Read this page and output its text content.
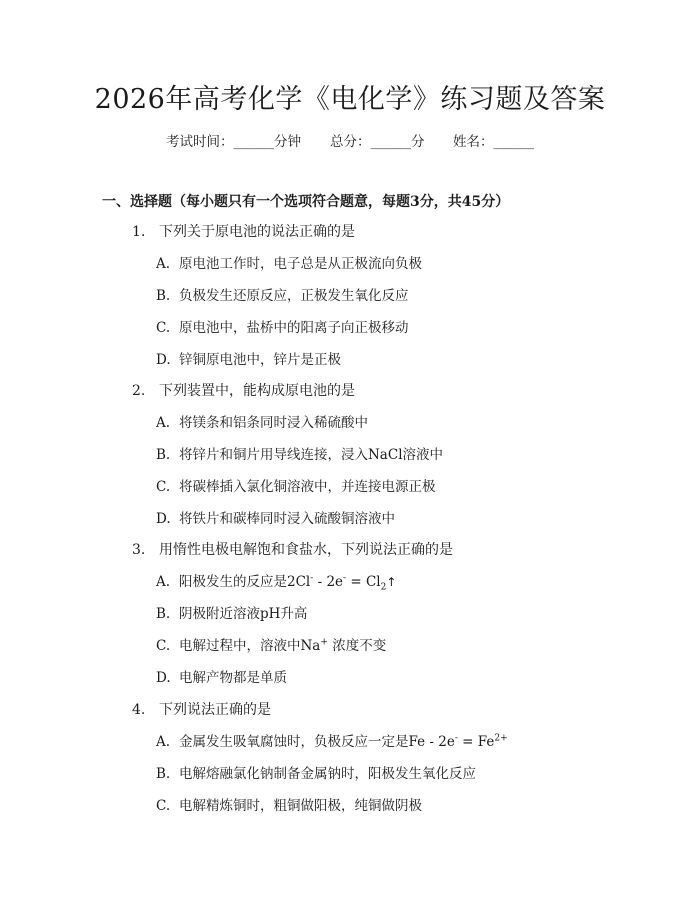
2026年高考化学《电化学》练习题及答案
考试时间：______分钟 总分：______分 姓名：______
一、选择题（每小题只有一个选项符合题意，每题3分，共45分）
1. 下列关于原电池的说法正确的是
A. 原电池工作时，电子总是从正极流向负极
B. 负极发生还原反应，正极发生氧化反应
C. 原电池中，盐桥中的阳离子向正极移动
D. 锌铜原电池中，锌片是正极
2. 下列装置中，能构成原电池的是
A. 将镁条和铝条同时浸入稀硫酸中
B. 将锌片和铜片用导线连接，浸入NaCl溶液中
C. 将碳棒插入氯化铜溶液中，并连接电源正极
D. 将铁片和碳棒同时浸入硫酸铜溶液中
3. 用惰性电极电解饱和食盐水，下列说法正确的是
A. 阳极发生的反应是$2Cl^- - 2e^- = Cl_2↑$
B. 阴极附近溶液pH升高
C. 电解过程中，溶液中Na+ 浓度不变
D. 电解产物都是单质
4. 下列说法正确的是
A. 金属发生吸氧腐蚀时，负极反应一定是$Fe - 2e^- = Fe^{2+}$
B. 电解熔融氯化钠制备金属钠时，阳极发生氧化反应
C. 电解精炼铜时，粗铜做阳极，纯铜做阴极
